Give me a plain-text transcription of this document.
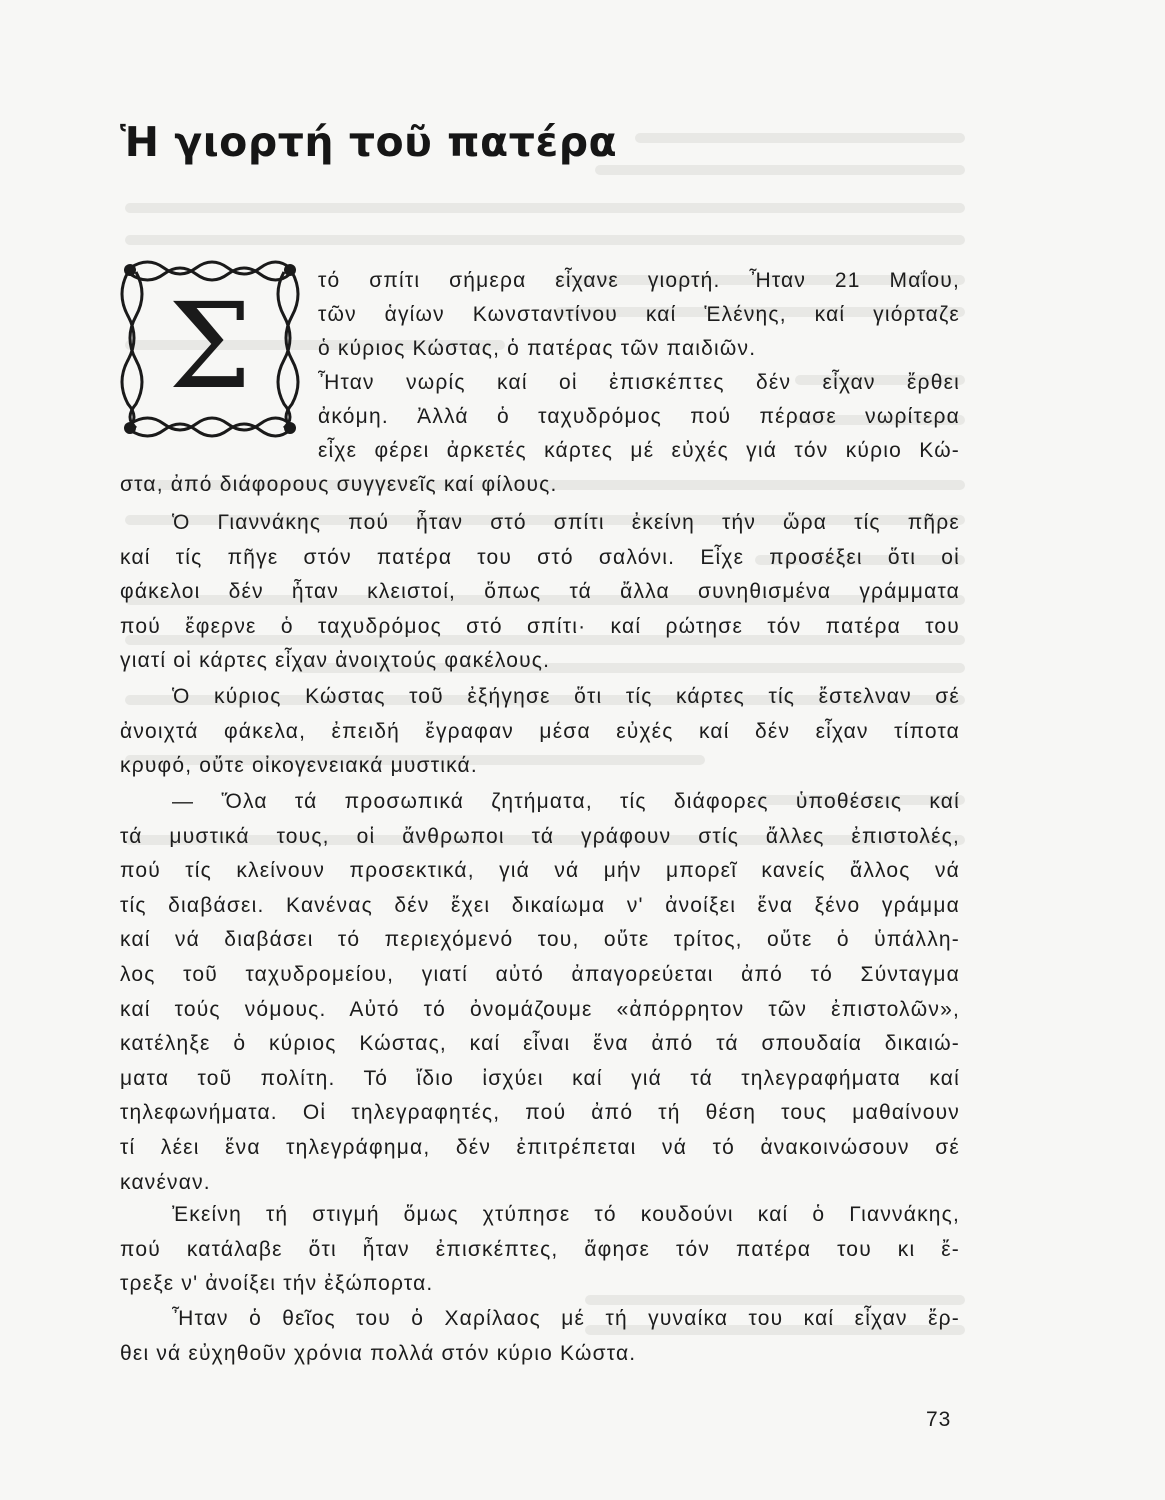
Ἡ γιορτή τοῦ πατέρα
Σ	τό σπίτι σήμερα εἶχανε γιορτή. Ἦταν 21 Μαΐου,
τῶν ἁγίων Κωνσταντίνου καί Ἑλένης, καί γιόρταζε
ὁ κύριος Κώστας, ὁ πατέρας τῶν παιδιῶν.
Ἦταν νωρίς καί οἱ ἐπισκέπτες δέν εἶχαν ἔρθει
ἀκόμη. Ἀλλά ὁ ταχυδρόμος πού πέρασε νωρίτερα
εἶχε φέρει ἀρκετές κάρτες μέ εὐχές γιά τόν κύριο Κώ-
στα, ἀπό διάφορους συγγενεῖς καί φίλους.
Ὁ Γιαννάκης πού ἦταν στό σπίτι ἐκείνη τήν ὥρα τίς πῆρε
καί τίς πῆγε στόν πατέρα του στό σαλόνι. Εἶχε προσέξει ὅτι οἱ
φάκελοι δέν ἦταν κλειστοί, ὅπως τά ἄλλα συνηθισμένα γράμματα
πού ἔφερνε ὁ ταχυδρόμος στό σπίτι· καί ρώτησε τόν πατέρα του
γιατί οἱ κάρτες εἶχαν ἀνοιχτούς φακέλους.
Ὁ κύριος Κώστας τοῦ ἐξήγησε ὅτι τίς κάρτες τίς ἔστελναν σέ
ἀνοιχτά φάκελα, ἐπειδή ἔγραφαν μέσα εὐχές καί δέν εἶχαν τίποτα
κρυφό, οὔτε οἰκογενειακά μυστικά.
— Ὅλα τά προσωπικά ζητήματα, τίς διάφορες ὑποθέσεις καί
τά μυστικά τους, οἱ ἄνθρωποι τά γράφουν στίς ἄλλες ἐπιστολές,
πού τίς κλείνουν προσεκτικά, γιά νά μήν μπορεῖ κανείς ἄλλος νά
τίς διαβάσει. Κανένας δέν ἔχει δικαίωμα ν' ἀνοίξει ἕνα ξένο γράμμα
καί νά διαβάσει τό περιεχόμενό του, οὔτε τρίτος, οὔτε ὁ ὑπάλλη-
λος τοῦ ταχυδρομείου, γιατί αὐτό ἀπαγορεύεται ἀπό τό Σύνταγμα
καί τούς νόμους. Αὐτό τό ὀνομάζουμε «ἀπόρρητον τῶν ἐπιστολῶν»,
κατέληξε ὁ κύριος Κώστας, καί εἶναι ἕνα ἀπό τά σπουδαία δικαιώ-
ματα τοῦ πολίτη. Τό ἴδιο ἰσχύει καί γιά τά τηλεγραφήματα καί
τηλεφωνήματα. Οἱ τηλεγραφητές, πού ἀπό τή θέση τους μαθαίνουν
τί λέει ἕνα τηλεγράφημα, δέν ἐπιτρέπεται νά τό ἀνακοινώσουν σέ
κανέναν.
Ἐκείνη τή στιγμή ὅμως χτύπησε τό κουδούνι καί ὁ Γιαννάκης,
πού κατάλαβε ὅτι ἦταν ἐπισκέπτες, ἄφησε τόν πατέρα του κι ἔ-
τρεξε ν' ἀνοίξει τήν ἐξώπορτα.
Ἦταν ὁ θεῖος του ὁ Χαρίλαος μέ τή γυναίκα του καί εἶχαν ἔρ-
θει νά εὐχηθοῦν χρόνια πολλά στόν κύριο Κώστα.
73
